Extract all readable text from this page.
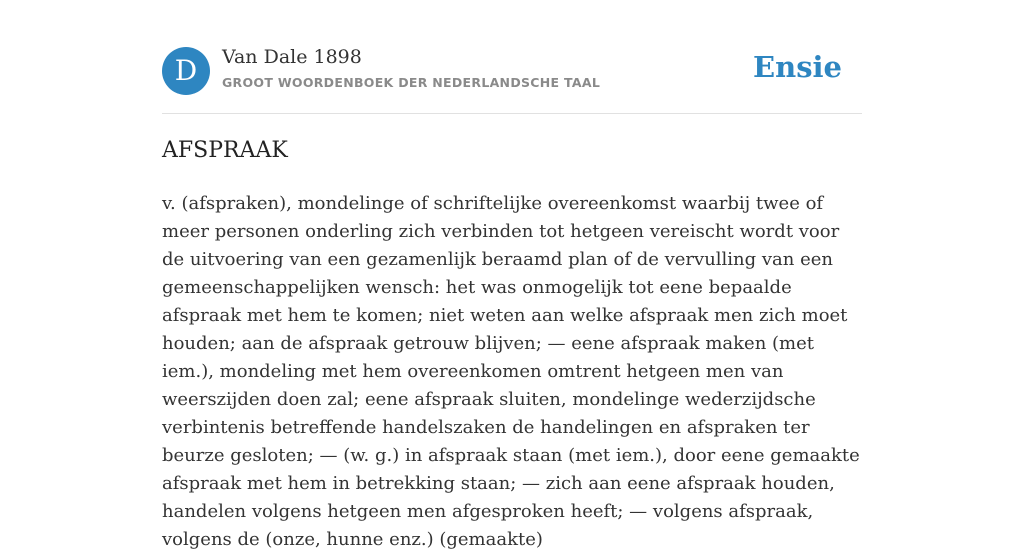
D	Van Dale 1898
GROOT WOORDENBOEK DER NEDERLANDSCHE TAAL	Ensie
AFSPRAAK

v. (afspraken), mondelinge of schriftelijke overeenkomst waarbij twee of meer personen onderling zich verbinden tot hetgeen vereischt wordt voor de uitvoering van een gezamenlijk beraamd plan of de vervulling van een gemeenschappelijken wensch: het was onmogelijk tot eene bepaalde afspraak met hem te komen; niet weten aan welke afspraak men zich moet houden; aan de afspraak getrouw blijven; — eene afspraak maken (met iem.), mondeling met hem overeenkomen omtrent hetgeen men van weerszijden doen zal; eene afspraak sluiten, mondelinge wederzijdsche verbintenis betreffende handelszaken de handelingen en afspraken ter beurze gesloten; — (w. g.) in afspraak staan (met iem.), door eene gemaakte afspraak met hem in betrekking staan; — zich aan eene afspraak houden, handelen volgens hetgeen men afgesproken heeft; — volgens afspraak, volgens de (onze, hunne enz.) (gemaakte)
